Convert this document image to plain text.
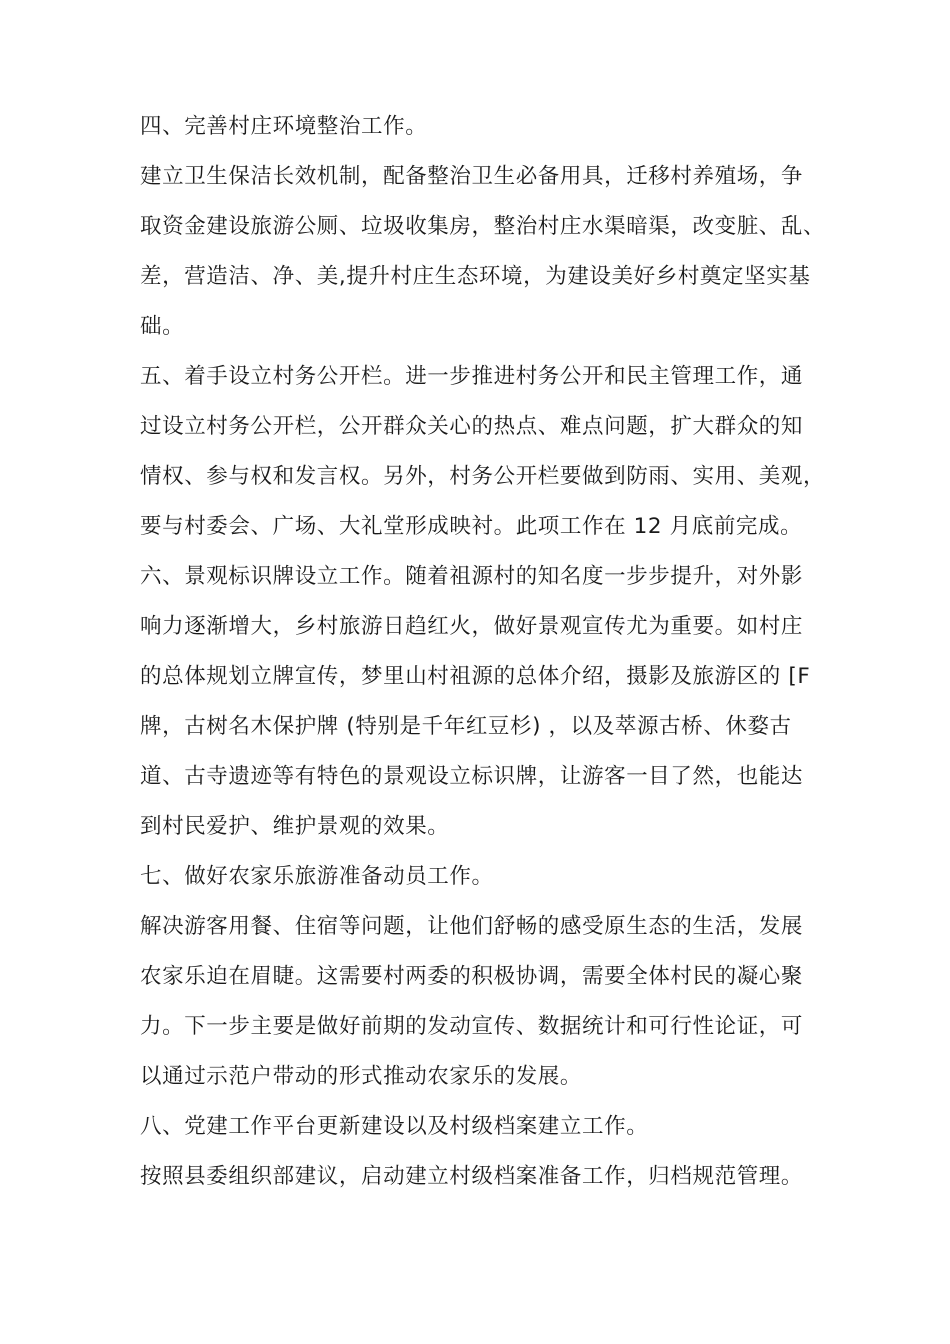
四、完善村庄环境整治工作。
建立卫生保洁长效机制，配备整治卫生必备用具，迁移村养殖场，争
取资金建设旅游公厕、垃圾收集房，整治村庄水渠暗渠，改变脏、乱、
差，营造洁、净、美,提升村庄生态环境，为建设美好乡村奠定坚实基
础。
五、着手设立村务公开栏。进一步推进村务公开和民主管理工作，通
过设立村务公开栏，公开群众关心的热点、难点问题，扩大群众的知
情权、参与权和发言权。另外，村务公开栏要做到防雨、实用、美观，
要与村委会、广场、大礼堂形成映衬。此项工作在 12 月底前完成。
六、景观标识牌设立工作。随着祖源村的知名度一步步提升，对外影
响力逐渐增大，乡村旅游日趋红火，做好景观宣传尤为重要。如村庄
的总体规划立牌宣传，梦里山村祖源的总体介绍，摄影及旅游区的 [F
牌，古树名木保护牌 (特别是千年红豆杉) ，以及萃源古桥、休婺古
道、古寺遗迹等有特色的景观设立标识牌，让游客一目了然，也能达
到村民爱护、维护景观的效果。
七、做好农家乐旅游准备动员工作。
解决游客用餐、住宿等问题，让他们舒畅的感受原生态的生活，发展
农家乐迫在眉睫。这需要村两委的积极协调，需要全体村民的凝心聚
力。下一步主要是做好前期的发动宣传、数据统计和可行性论证，可
以通过示范户带动的形式推动农家乐的发展。
八、党建工作平台更新建设以及村级档案建立工作。
按照县委组织部建议，启动建立村级档案准备工作，归档规范管理。
